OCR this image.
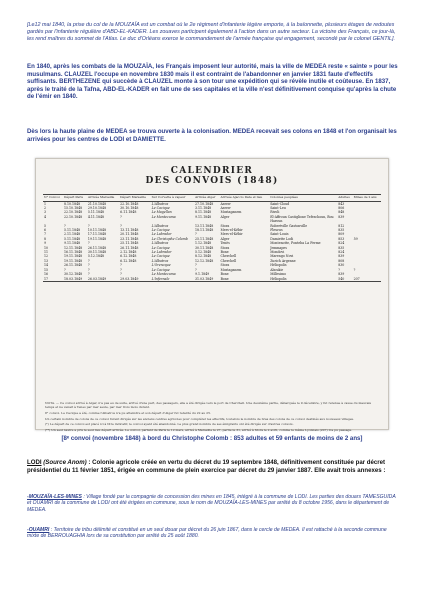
[Le12 mai 1840, la prise du col de la MOUZAÏA est un combat où le 2e régiment d'infanterie légère emporte, à la baïonnette, plusieurs étages de redoutes gardés par l'infanterie régulière d'ABD-EL-KADER. Les zouaves participent également à l'action dans un autre secteur. La victoire des Français, ce jour-là, les rend maîtres du sommet de l'Atlas. Le duc d'Orléans exerce le commandement de l'armée française qui engagement, secondé par le colonel GENTIL].
En 1840, après les combats de la MOUZAÏA, les Français imposent leur autorité, mais la ville de MEDEA reste « sainte » pour les musulmans. CLAUZEL l'occupe en novembre 1830 mais il est contraint de l'abandonner en janvier 1831 faute d'effectifs suffisants. BERTHEZENE qui succède à CLAUZEL monte à son tour une expédition qui se révèle inutile et coûteuse. En 1837, après le traité de la Tafna, ABD-EL-KADER en fait une de ses capitales et la ville n'est définitivement conquise qu'après la chute de l'émir en 1840.
Dès lors la haute plaine de MEDEA se trouva ouverte à la colonisation. MEDEA recevait ses colons en 1848 et l'on organisait les arrivées pour les centres de LODI et DAMIETTE.
CALENDRIER
DES CONVOIS (1848)
N° Convoi	Départ Paris	Arrivée Marseille	Départ Marseille	Sur Corvette à vapeur	Arrivée Alger	Arrivée Ajaccio Date et lieu	Colonies peuplées	Adultes	Mines de 2 ans
1	8.10.1848	21.10.1848	22.10.1848	L'Albatros	27.10.1848	Arzew	Saint-Cloud	843	
2	15.10.1848	29.10.1848	30.10.1848	Le Cacique	3.11.1848	Arzew	Saint-Leu	806	
3	22.10.1848	5.11.1848	6.11.1848	Le Magellan	8.11.1848	Mostaganem	Rivoli	848	
4	22.10.1848	4.11.1848	?	Le Montezuma	9.11.1848	Alger	El-Affroun Castiglione Tefeschoun, Bou Haroun	839	
5	?	?	?	L'Albatros	13.11.1848	Stora	Robertville Gastonville	812	
6	5.11.1848	10.11.1848	13.11.1848	Le Cacique	18.11.1848	Mers-el-Kébir	Fleurus	835	
7	2.11.1848	17.11.1848	20.11.1848	Le Labrador	?	Mers-el-Kébir	Saint-Louis	809	
8	5.11.1848	19.11.1848	23.11.1848	Le Christophe Colomb	25.11.1848	Alger	Damiette Lodi	853	59
9	9.11.1848	?	25.11.1848	L'Albatros	1.12.1848	Tenès	Montenotte, Ponteba La Ferme	824	
10	12.11.1848	26.11.1848	26.11.1848	Le Cacique	30.11.1848	Stora	Jemmapes	835	
11	16.11.1848	30.11.1848	2.12.1848	Le Labrador	5.12.1848	Bone	Mondovi	824	
12	19.11.1848	5.12.1848	6.12.1848	Le Cacique	8.12.1848	Cherchell	Marengo Novi	839	
13	19.11.1848	?	6.12.1848	L'Albatros	12.12.1848	Cherchell	Zurich Argenne	808	
14	26.11.1848	?	?	L'Orenoque	?	Stora	Héliopolis	830	
15	?	?	?	Le Cacique	?	Mostaganem	Aboukir	?	?
16	30.12.1848	?	?	Le Montezuma	9.1.1849	Bone	Millesimo	839	
17	18.03.1849	26.03.1849	29.03.1849	L'Infernale	31.03.1849	Bone	Héliopolis	540	207
NOTA. — Ce convoi arrivé à Alger, n'a pas eu de suite, arrivé d'une part, des passagers, elle a été dirigée vers le port de Cherchell. Une deuxième partie, débarquée le 9 décembre, y fut retenue à cause du mauvais temps et ne venait à Tenes par mer seule, par mer trois mois durant.
8° convoi. Le Cacique a été, comme l'Albatros n'a pu atteindre et son départ d'Alger fut retardé du 22 au 25.
Un certain nombre de colons de ce convoi furent dirigés sur les anciens centres agricoles pour compléter les effectifs, toutefois le nombre de bras des colons de ce convoi destinés aux nouveaux villages.
(*) Le départ de ce convoi est placé ici à titre indicatif, le convoi ayant été abandonné. Le plus grand nombre de ses émigrants ont été dirigés sur d'autres convois.
(**) Un seul navire a pris le seul lieu départ arrivée. Le convoi, partant de Paris le 12 mars, arrivé à Marseille le 27, partie le 31, arrivé à Stora le 2 avril, comme le même Lyonnais (207) n'a pu passage.
[8ᵉ convoi (novembre 1848) à bord du Christophe Colomb : 853 adultes et 59 enfants de moins de 2 ans]
LODI (Source Anom) : Colonie agricole créée en vertu du décret du 19 septembre 1848, définitivement constituée par décret présidentiel du 11 février 1851, érigée en commune de plein exercice par décret du 29 janvier 1887. Elle avait trois annexes :
-MOUZAÏA-LES-MINES : Village fondé par la compagnie de concession des mines en 1845, intégré à la commune de LODI. Les parties des douars TAMESGUIDA et OUAMRI de la commune de LODI ont été érigées en commune, sous le nom de MOUZAÏA-LES-MINES par arrêté du 8 octobre 1956, dans le département de MEDEA.
-OUAMRI : Territoire de tribu délimité et constitué en un seul douar par décret du 26 juin 1867, dans le cercle de MEDEA. Il est rattaché à la seconde commune mixte de BERROUAGHIA lors de sa constitution par arrêté du 25 août 1880.
